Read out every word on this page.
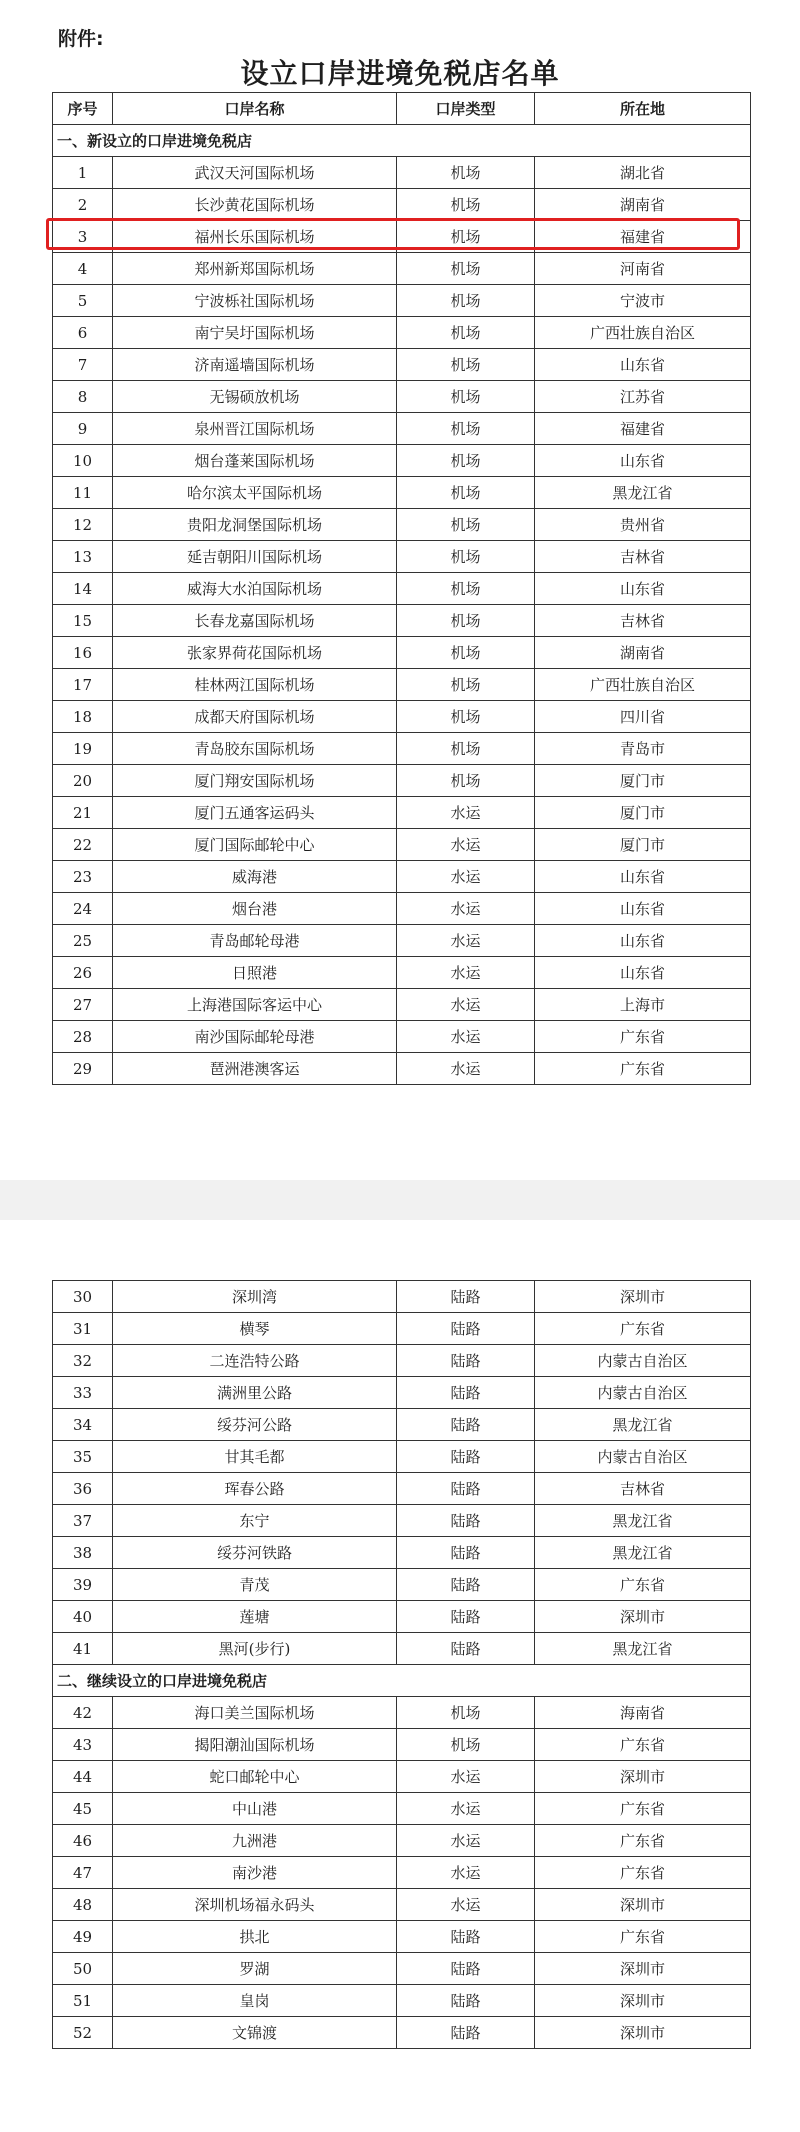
附件:
设立口岸进境免税店名单
序号	口岸名称	口岸类型	所在地
一、新设立的口岸进境免税店			
1	武汉天河国际机场	机场	湖北省
2	长沙黄花国际机场	机场	湖南省
3	福州长乐国际机场	机场	福建省
4	郑州新郑国际机场	机场	河南省
5	宁波栎社国际机场	机场	宁波市
6	南宁吴圩国际机场	机场	广西壮族自治区
7	济南遥墙国际机场	机场	山东省
8	无锡硕放机场	机场	江苏省
9	泉州晋江国际机场	机场	福建省
10	烟台蓬莱国际机场	机场	山东省
11	哈尔滨太平国际机场	机场	黑龙江省
12	贵阳龙洞堡国际机场	机场	贵州省
13	延吉朝阳川国际机场	机场	吉林省
14	威海大水泊国际机场	机场	山东省
15	长春龙嘉国际机场	机场	吉林省
16	张家界荷花国际机场	机场	湖南省
17	桂林两江国际机场	机场	广西壮族自治区
18	成都天府国际机场	机场	四川省
19	青岛胶东国际机场	机场	青岛市
20	厦门翔安国际机场	机场	厦门市
21	厦门五通客运码头	水运	厦门市
22	厦门国际邮轮中心	水运	厦门市
23	威海港	水运	山东省
24	烟台港	水运	山东省
25	青岛邮轮母港	水运	山东省
26	日照港	水运	山东省
27	上海港国际客运中心	水运	上海市
28	南沙国际邮轮母港	水运	广东省
29	琶洲港澳客运	水运	广东省
30	深圳湾	陆路	深圳市
31	横琴	陆路	广东省
32	二连浩特公路	陆路	内蒙古自治区
33	满洲里公路	陆路	内蒙古自治区
34	绥芬河公路	陆路	黑龙江省
35	甘其毛都	陆路	内蒙古自治区
36	珲春公路	陆路	吉林省
37	东宁	陆路	黑龙江省
38	绥芬河铁路	陆路	黑龙江省
39	青茂	陆路	广东省
40	莲塘	陆路	深圳市
41	黑河(步行)	陆路	黑龙江省
二、继续设立的口岸进境免税店			
42	海口美兰国际机场	机场	海南省
43	揭阳潮汕国际机场	机场	广东省
44	蛇口邮轮中心	水运	深圳市
45	中山港	水运	广东省
46	九洲港	水运	广东省
47	南沙港	水运	广东省
48	深圳机场福永码头	水运	深圳市
49	拱北	陆路	广东省
50	罗湖	陆路	深圳市
51	皇岗	陆路	深圳市
52	文锦渡	陆路	深圳市
